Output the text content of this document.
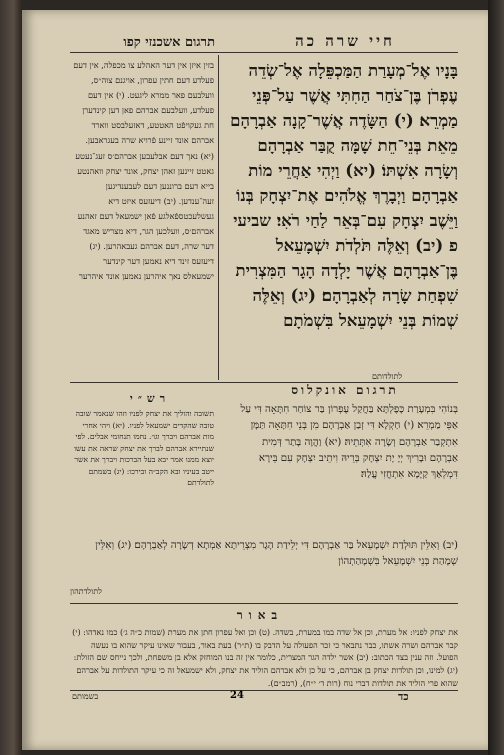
תרגום אשכנזי קפו	חיי שרה כה
בזין איזן אין דער האהלע צו מכפלה, אין דעם פעלדע דעם חתין עפרון, אויגנם צוה״ס, וועלבעם פאר ממרא ליגעט. (י) אין דעם פעלדע, וועלבעם אברהם פאן דען קינדערן חת געקויפֿט האטטע, דאזעלבסט ווארד אברהם אונד זיינע פֿרויא שרה בעגראבען. (יא) נאך דעם אבלעבען אברהם׳ס זעג־נעטע גאטט זיינען זאהן יצחק, אונד יצחק וואהנטע בייא דעם ברוננען דעם לעבענדיגען זעה־ענדען. (יב) דיעזעס איזט דיא געשלעכטספֿאלגע פֿאן ישמעאל דעם זאהנע אברהם׳ס, וועלכען הגר, דיא מצריש מאגד דער שרה, דעם אברהם געבאהרען. (יג) דיעזעס זינד דיא נאמען דער קינדער ישמעאלס נאך איהרען נאמען אונד איהרער
בָּנָיו אֶל־מְעָרַת הַמַּכְפֵּלָה אֶל־שְׂדֵה עֶפְרֹן בֶּן־צֹחַר הַחִתִּי אֲשֶׁר עַל־פְּנֵי מַמְרֵא׃ (י) הַשָּׂדֶה אֲשֶׁר־קָנָה אַבְרָהָם מֵאֵת בְּנֵי־חֵת שָׁמָּה קֻבַּר אַבְרָהָם וְשָׂרָה אִשְׁתּוֹ׃ (יא) וַיְהִי אַחֲרֵי מוֹת אַבְרָהָם וַיְבָרֶךְ אֱלֹהִים אֶת־יִצְחָק בְּנוֹ וַיֵּשֶׁב יִצְחָק עִם־בְּאֵר לַחַי רֹאִי׃ שביעי פ (יב) וְאֵלֶּה תֹּלְדֹת יִשְׁמָעֵאל בֶּן־אַבְרָהָם אֲשֶׁר יָלְדָה הָגָר הַמִּצְרִית שִׁפְחַת שָׂרָה לְאַבְרָהָם׃ (יג) וְאֵלֶּה שְׁמוֹת בְּנֵי יִשְׁמָעֵאל בִּשְׁמֹתָם
לתולדותם
רש״י
תשובה והוליך את יצחק לפניו וזהו שנאמר שובה טובה שהקדים ישמעאל לפניו. (יא) ויהי אחרי מות אברהם ויברך וגו׳. נחמו תנחומי אבלים. לפי שנתיירא אברהם לברך את יצחק שראה את עשו יוצא ממנו אמר יבא בעל הברכות ויברך את אשר ייטב בעיניו ובא הקב״ה ובירכו: (יג) בשמתם לתולדתם
תרגום אונקלוס
בְּנוֹהִי בִּמְעָרַת כָּפֶלְתָּא בַּחֲקַל עֶפְרוֹן בַּר צוֹחַר חִתָּאָה דִּי עַל אַפֵּי מַמְרֵא׃ (י) חַקְלָא דִּי זְבַן אַבְרָהָם מִן בְּנֵי חִתָּאָה תַּמָּן אִתְקְבַר אַבְרָהָם וְשָׂרָה אִתְּתֵיהּ׃ (יא) וַהֲוָה בָּתַר דְּמִית אַבְרָהָם וּבָרִיךְ יְיָ יָת יִצְחָק בְּרֵיהּ וִיתֵיב יִצְחָק עִם בֵּירָא דִּמְלְאַךְ קַיָּמָא אִתְחֲזִי עֲלַהּ׃
(יב) וְאִלֵּין תּוּלְדַת יִשְׁמָעֵאל בַּר אַבְרָהָם דִּי יְלֵידַת הָגָר מִצְרֵיתָא אַמְתָא דְשָׂרָה לְאַבְרָהָם׃ (יג) וְאִלֵּין שְׁמָהַת בְּנֵי יִשְׁמָעֵאל בִּשְׁמָהַתְהוֹן
לתולדתהון
באור
את יצחק לפניו: אל מערת, וכן אל שדה במו במערת, בשדה. (ט) וכן ואל עפרון חתן את מערת (שמות כ״ה ג׳) כמו נאדהו: (י) קבר אברהם ושרה אשתו, כבר נתבאר כי זכר הפעולה על הדבק בו (ת״ר) בעת באור, בעבור שאינו עיקר שהוא בו נעשה הפועל. וזה ענין בצד הכתוב: (יב) אשר ילדה הגר המצרית, כלומר אין זה בנו המוחזק אלא בן משפחת, ולכך נייחס שם הזולת: (יג) למינו, וכן תולדות יצחק בן אברהם, כי על כן ולא אברהם הוליד את יצחק, ולא ישמעאל זה כי עיקר התולדות על אברהם שהוא פרי הוליד את תולדות דברי נוח (רות ד׳ י״ח), (רמב״ם).
בשמותם	24	כד
